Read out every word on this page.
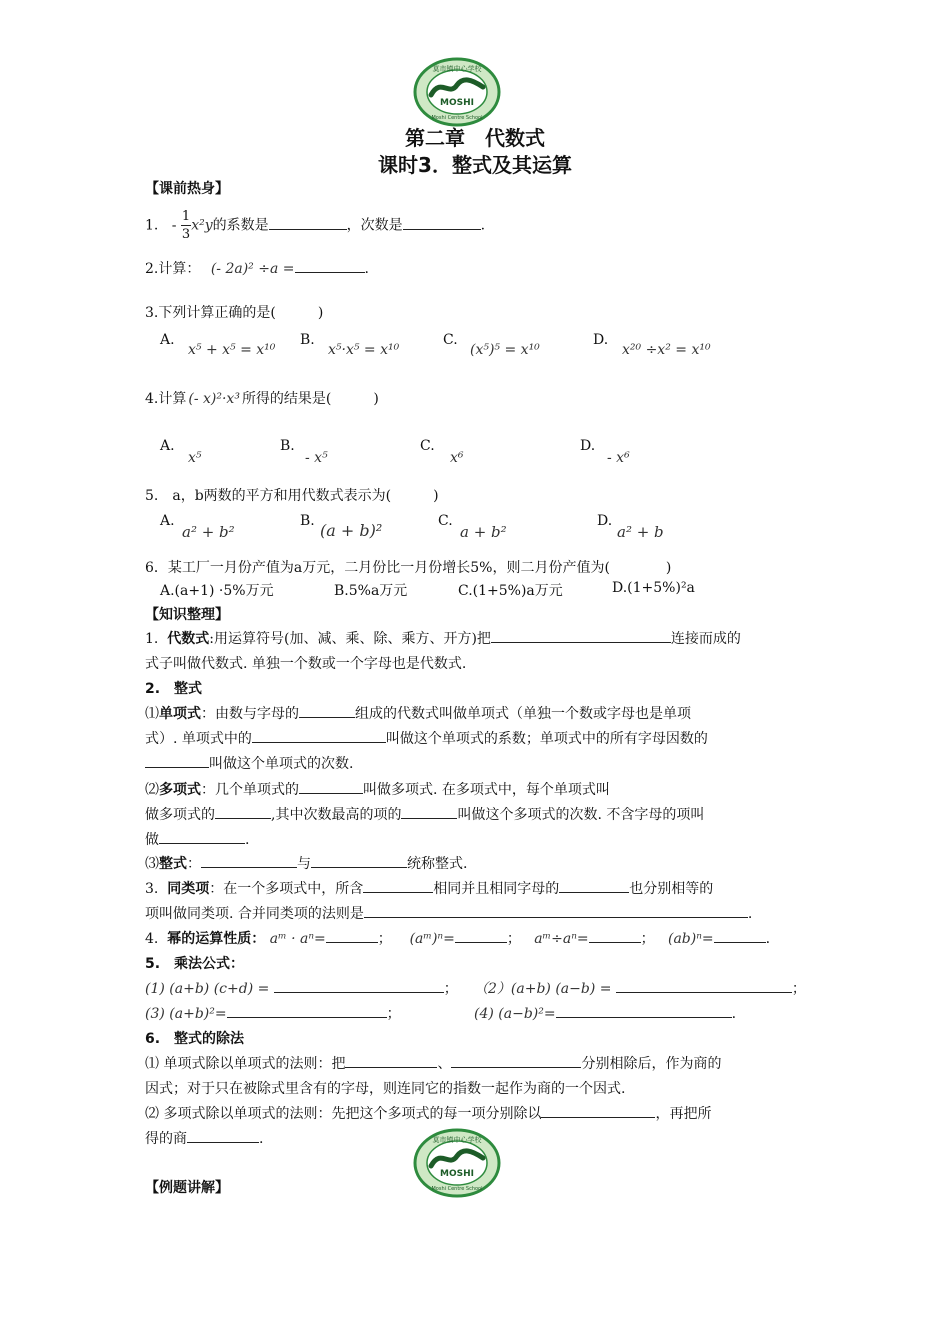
莫市镇中心学校
MOSHI
Moshi Centre School
第二章　代数式
课时3．整式及其运算
【课前热身】
1. - $\frac{1}{3} x^2y$的系数是	，次数是	.
2.计算： (- 2a)² ÷a =	.
3.下列计算正确的是(　　　)
A.
x⁵ + x⁵ = x¹⁰
B.
x⁵·x⁵ = x¹⁰
C.
(x⁵)⁵ = x¹⁰
D.
x²⁰ ÷x² = x¹⁰
4.计算 (- x)²·x³ 所得的结果是(　　　)
A.
x⁵
B.
- x⁵
C.
x⁶
D.
- x⁶
5.　a，b两数的平方和用代数式表示为(　　　)
A.
a² + b²
B. (a + b)²	C.
a + b²
D.
a² + b
6．某工厂一月份产值为a万元，二月份比一月份增长5%，则二月份产值为(　　　　)
A.(a+1) ·5%万元	B.5%a万元	C.(1+5%)a万元	D.(1+5%)²a
【知识整理】
1. 代数式:用运算符号(加、减、乘、除、乘方、开方)把	连接而成的
式子叫做代数式. 单独一个数或一个字母也是代数式.
2.　整式
⑴单项式：由数与字母的	组成的代数式叫做单项式（单独一个数或字母也是单项
式）. 单项式中的	叫做这个单项式的系数；单项式中的所有字母因数的
叫做这个单项式的次数.
⑵多项式：几个单项式的	叫做多项式. 在多项式中，每个单项式叫
做多项式的	,其中次数最高的项的	叫做这个多项式的次数. 不含字母的项叫
做	.
⑶整式：	与	统称整式.
3. 同类项：在一个多项式中，所含	相同并且相同字母的	也分别相等的
项叫做同类项. 合并同类项的法则是	.
4. 幂的运算性质： aᵐ · aⁿ=	； (aᵐ)ⁿ=	； aᵐ÷aⁿ=	； (ab)ⁿ=	.
5.　乘法公式：
(1) (a+b) (c+d) =	； （2）(a+b) (a−b) =	；
(3) (a+b)²=	；	(4) (a−b)²=	.
6.　整式的除法
⑴ 单项式除以单项式的法则：把	、	分别相除后，作为商的
因式；对于只在被除式里含有的字母，则连同它的指数一起作为商的一个因式.
⑵ 多项式除以单项式的法则：先把这个多项式的每一项分别除以	，再把所
得的商	.	莫市镇中心学校
MOSHI
Moshi Centre School
【例题讲解】
